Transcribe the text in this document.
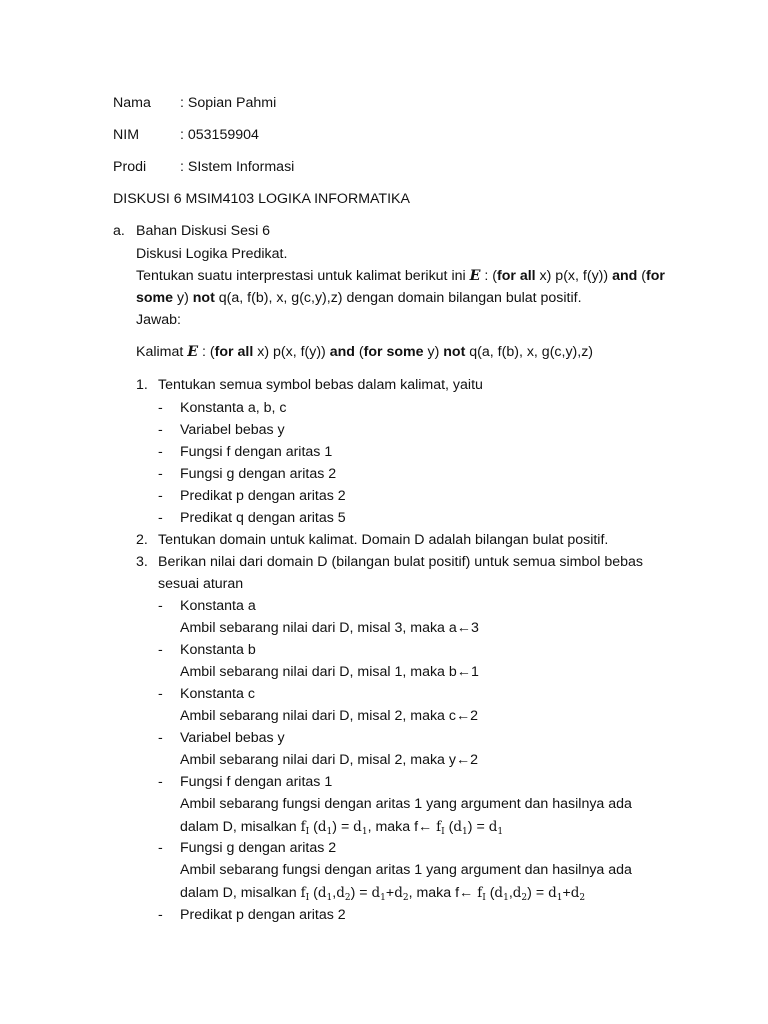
Nama : Sopian Pahmi
NIM	: 053159904
Prodi : SIstem Informasi
DISKUSI 6 MSIM4103 LOGIKA INFORMATIKA
a. Bahan Diskusi Sesi 6
Diskusi Logika Predikat.
Tentukan suatu interprestasi untuk kalimat berikut ini E : (for all x) p(x, f(y)) and (for
some y) not q(a, f(b), x, g(c,y),z) dengan domain bilangan bulat positif.
Jawab:
Kalimat E : (for all x) p(x, f(y)) and (for some y) not q(a, f(b), x, g(c,y),z)
1. Tentukan semua symbol bebas dalam kalimat, yaitu
- Konstanta a, b, c
- Variabel bebas y
- Fungsi f dengan aritas 1
- Fungsi g dengan aritas 2
- Predikat p dengan aritas 2
- Predikat q dengan aritas 5
2. Tentukan domain untuk kalimat. Domain D adalah bilangan bulat positif.
3. Berikan nilai dari domain D (bilangan bulat positif) untuk semua simbol bebas
sesuai aturan
- Konstanta a
Ambil sebarang nilai dari D, misal 3, maka a←3
- Konstanta b
Ambil sebarang nilai dari D, misal 1, maka b←1
- Konstanta c
Ambil sebarang nilai dari D, misal 2, maka c←2
- Variabel bebas y
Ambil sebarang nilai dari D, misal 2, maka y←2
- Fungsi f dengan aritas 1
Ambil sebarang fungsi dengan aritas 1 yang argument dan hasilnya ada
dalam D, misalkan $f_I$ $(d_1) = d_1$, maka f← $f_I$ $(d_1) = d_1$
- Fungsi g dengan aritas 2
Ambil sebarang fungsi dengan aritas 1 yang argument dan hasilnya ada
dalam D, misalkan $f_I$ $(d_1,d_2) = d_1+d_2$, maka f← $f_I$ $(d_1,d_2) = d_1+d_2$
- Predikat p dengan aritas 2
